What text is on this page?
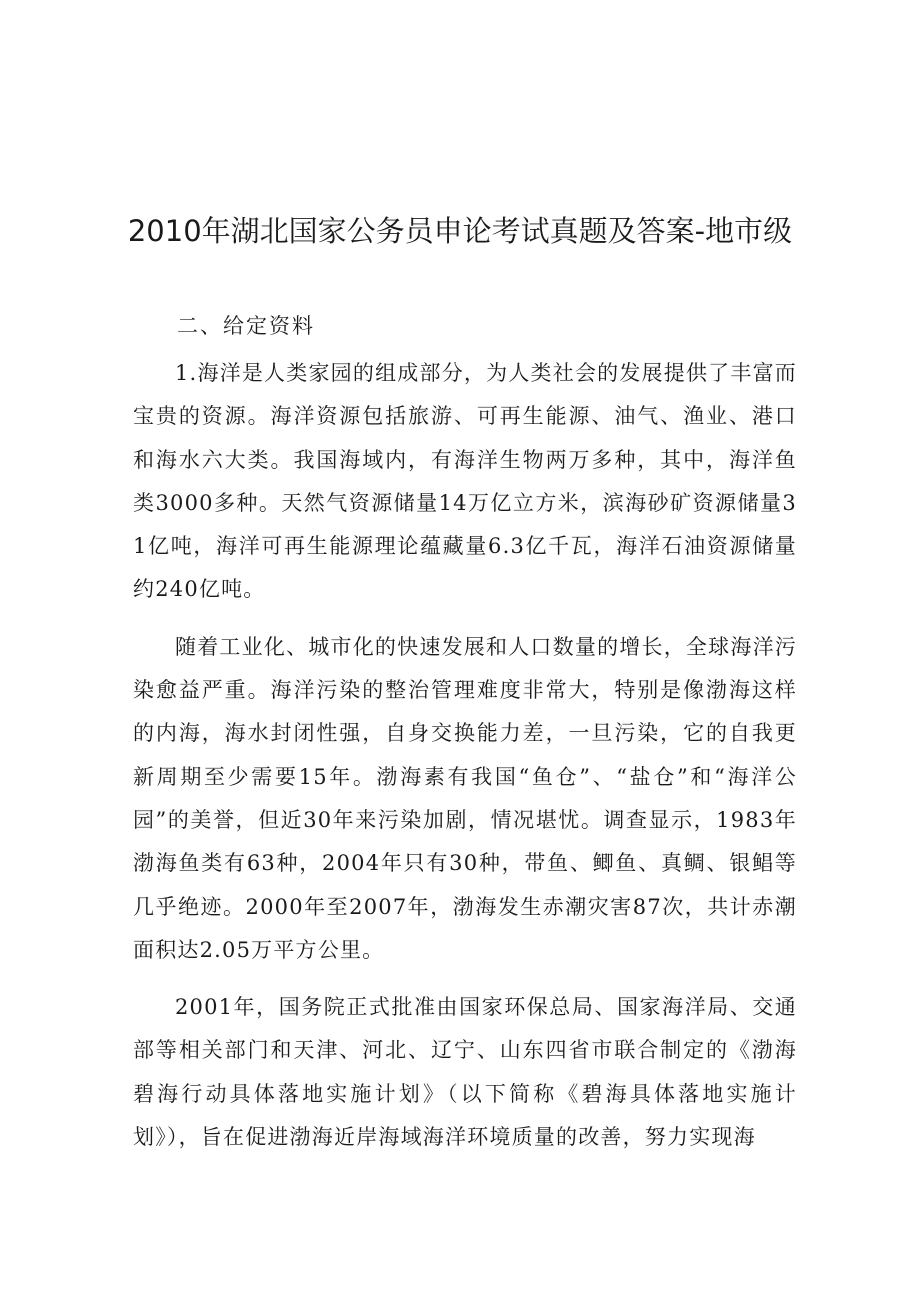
2010年湖北国家公务员申论考试真题及答案-地市级
二、给定资料

1.海洋是人类家园的组成部分，为人类社会的发展提供了丰富而宝贵的资源。海洋资源包括旅游、可再生能源、油气、渔业、港口和海水六大类。我国海域内，有海洋生物两万多种，其中，海洋鱼类3000多种。天然气资源储量14万亿立方米，滨海砂矿资源储量31亿吨，海洋可再生能源理论蕴藏量6.3亿千瓦，海洋石油资源储量约240亿吨。

随着工业化、城市化的快速发展和人口数量的增长，全球海洋污染愈益严重。海洋污染的整治管理难度非常大，特别是像渤海这样的内海，海水封闭性强，自身交换能力差，一旦污染，它的自我更新周期至少需要15年。渤海素有我国“鱼仓”、“盐仓”和“海洋公园”的美誉，但近30年来污染加剧，情况堪忧。调查显示，1983年渤海鱼类有63种，2004年只有30种，带鱼、鲫鱼、真鲷、银鲳等几乎绝迹。2000年至2007年，渤海发生赤潮灾害87次，共计赤潮面积达2.05万平方公里。

2001年，国务院正式批准由国家环保总局、国家海洋局、交通部等相关部门和天津、河北、辽宁、山东四省市联合制定的《渤海碧海行动具体落地实施计划》（以下简称《碧海具体落地实施计划》），旨在促进渤海近岸海域海洋环境质量的改善，努力实现海
